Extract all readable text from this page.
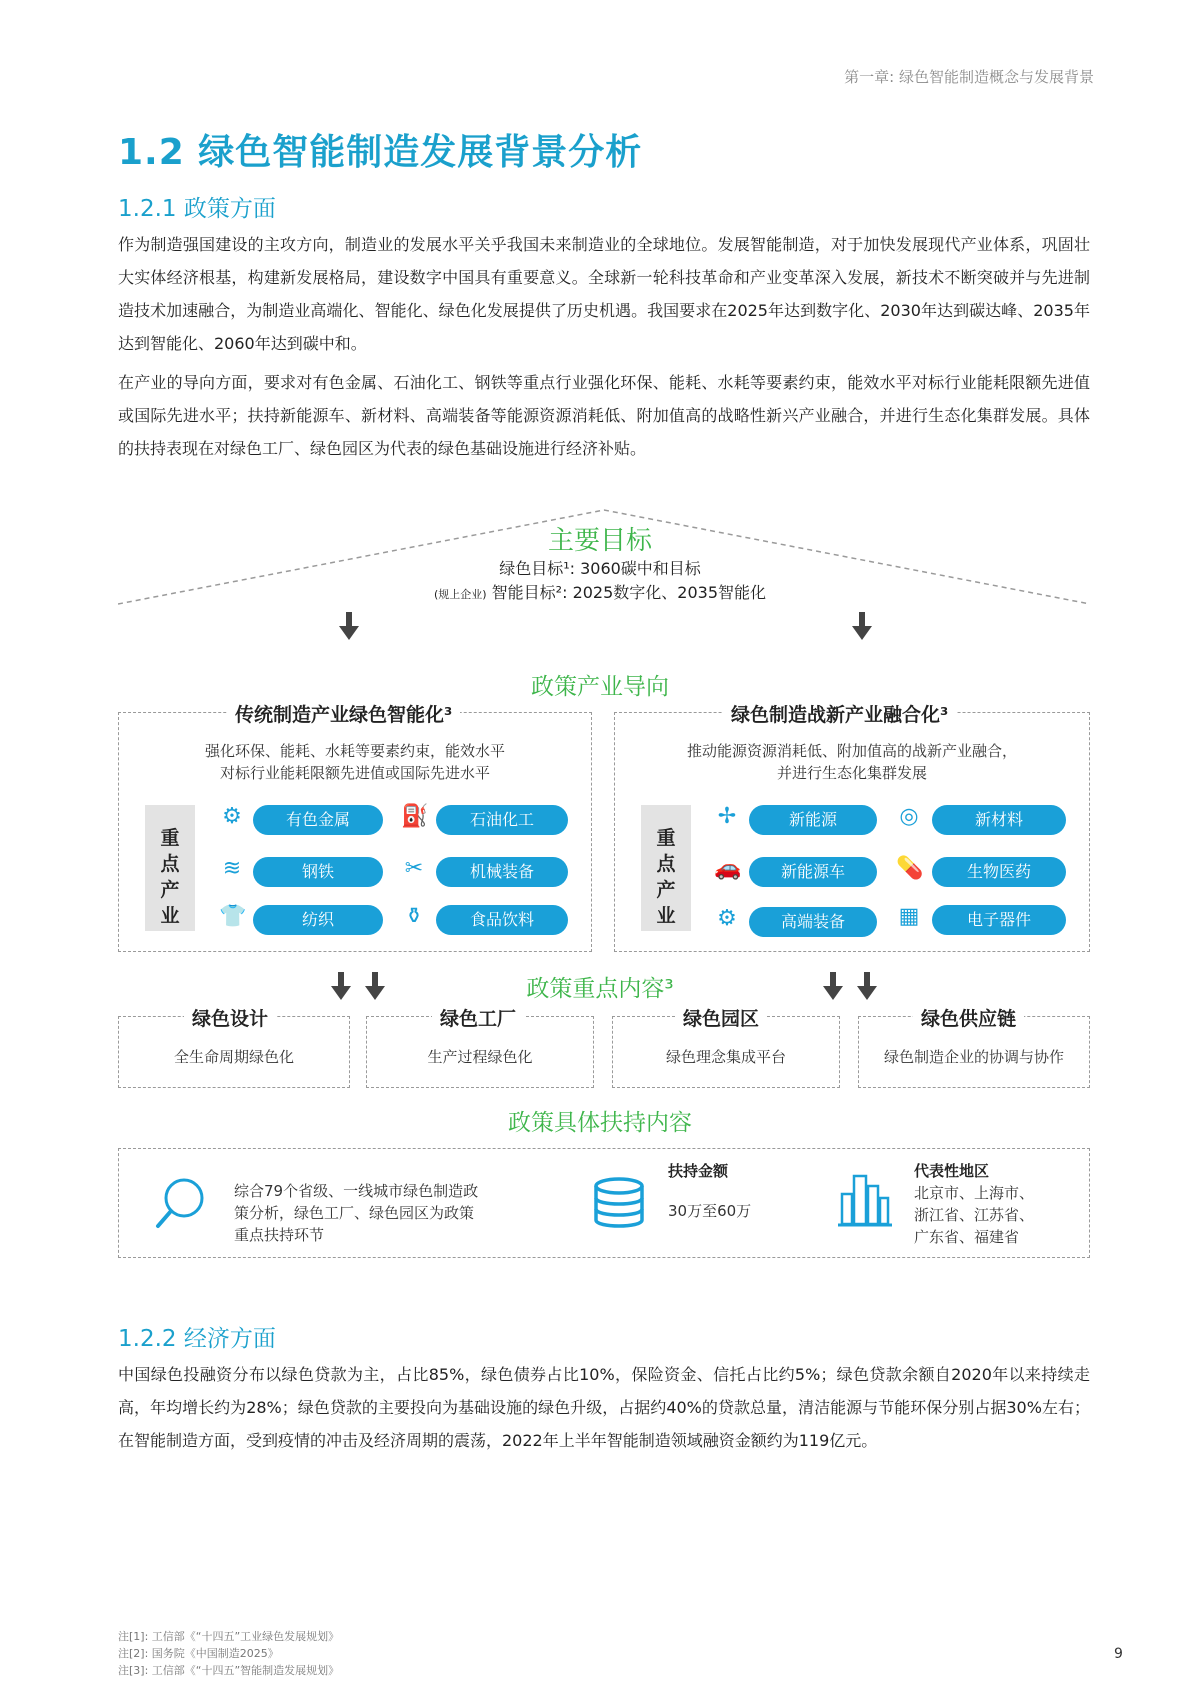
第一章: 绿色智能制造概念与发展背景
1.2 绿色智能制造发展背景分析
1.2.1 政策方面
作为制造强国建设的主攻方向，制造业的发展水平关乎我国未来制造业的全球地位。发展智能制造，对于加快发展现代产业体系，巩固壮大实体经济根基，构建新发展格局，建设数字中国具有重要意义。全球新一轮科技革命和产业变革深入发展，新技术不断突破并与先进制造技术加速融合，为制造业高端化、智能化、绿色化发展提供了历史机遇。我国要求在2025年达到数字化、2030年达到碳达峰、2035年达到智能化、2060年达到碳中和。
在产业的导向方面，要求对有色金属、石油化工、钢铁等重点行业强化环保、能耗、水耗等要素约束，能效水平对标行业能耗限额先进值或国际先进水平；扶持新能源车、新材料、高端装备等能源资源消耗低、附加值高的战略性新兴产业融合，并进行生态化集群发展。具体的扶持表现在对绿色工厂、绿色园区为代表的绿色基础设施进行经济补贴。
主要目标
绿色目标¹: 3060碳中和目标
(规上企业) 智能目标²: 2025数字化、2035智能化
政策产业导向
传统制造产业绿色智能化³
强化环保、能耗、水耗等要素约束，能效水平
对标行业能耗限额先进值或国际先进水平
重点产业
⚙	有色金属	⛽	石油化工
≋	钢铁	✂	机械装备
👕	纺织	⚱	食品饮料
绿色制造战新产业融合化³
推动能源资源消耗低、附加值高的战新产业融合，
并进行生态化集群发展
重点产业
✢	新能源	◎	新材料
🚗	新能源车	💊	生物医药
⚙	高端装备	▦	电子器件
政策重点内容³
绿色设计
全生命周期绿色化
绿色工厂
生产过程绿色化
绿色园区
绿色理念集成平台
绿色供应链
绿色制造企业的协调与协作
政策具体扶持内容
综合79个省级、一线城市绿色制造政
策分析，绿色工厂、绿色园区为政策
重点扶持环节
扶持金额
30万至60万
代表性地区
北京市、上海市、
浙江省、江苏省、
广东省、福建省
1.2.2 经济方面
中国绿色投融资分布以绿色贷款为主，占比85%，绿色债券占比10%，保险资金、信托占比约5%；绿色贷款余额自2020年以来持续走高，年均增长约为28%；绿色贷款的主要投向为基础设施的绿色升级，占据约40%的贷款总量，清洁能源与节能环保分别占据30%左右；在智能制造方面，受到疫情的冲击及经济周期的震荡，2022年上半年智能制造领域融资金额约为119亿元。
注[1]: 工信部《“十四五”工业绿色发展规划》
注[2]: 国务院《中国制造2025》
注[3]: 工信部《“十四五”智能制造发展规划》
9
